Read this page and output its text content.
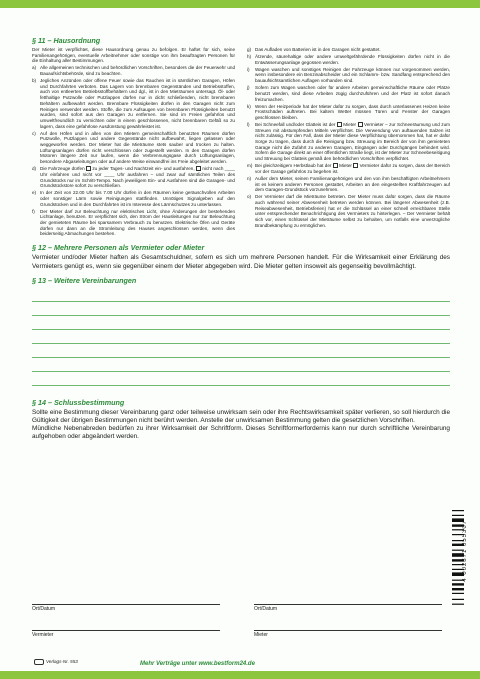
§ 11 – Hausordnung

Der Mieter ist verpflichtet, diese Hausordnung genau zu befolgen. Er haftet für sich, seine Familienangehörigen, eventuelle Arbeitnehmer oder sonstige von ihm beauftragten Personen für die Einhaltung aller Bestimmungen.

a) Alle allgemeinen technischen und behördlichen Vorschriften, besonders die der Feuerwehr und Bauaufsichtsbehörde, sind zu beachten.
b) Jegliches Anzünden oder offene Feuer sowie das Rauchen ist in sämtlichen Garagen, Höfen und Durchfahrten verboten. Das Lagern von brennbaren Gegenständen und Betriebsstoffen, auch von entleerten Betriebsstoffbehältern und dgl., ist in den Mieträumen untersagt. Öl- oder fetthaltige Putzwolle oder Putzlappen dürfen nur in dicht schließenden, nicht brennbaren Behältern aufbewahrt werden. Brennbare Flüssigkeiten dürfen in den Garagen nicht zum Reinigen verwendet werden. Stoffe, die zum Aufsaugen von brennbaren Flüssigkeiten benutzt wurden, sind sofort aus den Garagen zu entfernen. Sie sind im Freien gefahrlos und umweltfreundlich zu vernichten oder in einem geschlossenen, nicht brennbaren Gefäß so zu lagern, dass eine gefahrlose Ausdünstung gewährleistet ist.
c) Auf den Höfen und in allen von den Mietern gemeinschaftlich benutzten Räumen dürfen Putzwolle, Putzlappen und andere Gegenstände nicht aufbewahrt, liegen gelassen oder weggeworfen werden. Der Mieter hat die Mieträume stets sauber und trocken zu halten. Lüftungsanlagen dürfen nicht verschlossen oder zugestellt werden. In den Garagen dürfen Motoren längere Zeit nur laufen, wenn die Verbrennungsgase durch Lüftungsanlagen, besondere Abgaseleitungen oder auf andere Weise einwandfrei ins Freie abgeleitet werden.
d) Die Fahrzeuge dürfen  zu jeder Tages- und Nachtzeit ein- und ausfahren,  nicht nach ____ Uhr einfahren und nicht vor ____ Uhr ausfahren – und zwar auf sämtlichen Teilen des Grundstücks nur im Schritt-Tempo. Nach jeweiligem Ein- und Ausfahren sind die Garagen- und Grundstückstore sofort zu verschließen.
e) In der Zeit von 22.00 Uhr bis 7.00 Uhr dürfen in den Räumen keine geräuschvollen Arbeiten oder sonstiger Lärm sowie Reinigungen stattfinden. Unnötiges Signalgeben auf den Grundstücken und in den Durchfahrten ist im Interesse des Lärmschutzes zu unterlassen.
f)	Der Mieter darf zur Beleuchtung nur elektrisches Licht, ohne Änderungen der bestehenden Lichtanlage, benutzen. Er verpflichtet sich, den Strom der Hausleitungen nur zur Beleuchtung der gemieteten Räume bei sparsamem Verbrauch zu benutzen. Elektrische Öfen und Geräte dürfen nur dann an die Stromleitung des Hauses angeschlossen werden, wenn dies beiderseitig Abmachungen bestehen.
g) Das Aufladen von Batterien ist in den Garagen nicht gestattet.
h) Ätzende, säurehaltige oder andere umweltgefährdende Flüssigkeiten dürfen nicht in die Entwässerungsanlage gegossen werden.
i)	Wagen waschen und sonstiges Reinigen der Fahrzeuge können nur vorgenommen werden, wenn insbesondere ein Benzinabscheider und ein Schlamm- bzw. Sandfang entsprechend den bauaufsichtsamtlichen Auflagen vorhanden sind.
j)	Sofern zum Wagen waschen oder für andere Arbeiten gemeinschaftliche Räume oder Plätze benutzt werden, sind diese Arbeiten zügig durchzuführen und der Platz ist sofort danach freizumachen.
k) Wenn der Heizperiode hat der Mieter dafür zu sorgen, dass durch unterlassenes Heizen keine Frostschäden auftreten. Bei kaltem Wetter müssen Türen und Fenster der Garagen geschlossen bleiben.
l)	Bei Schneefall und/oder Glatteis ist der  Mieter  Vermieter – zur Schneeräumung und zum Streuen mit abstumpfenden Mitteln verpflichtet. Die Verwendung von auftauenden Salzen ist nicht zulässig. Für den Fall, dass der Mieter diese Verpflichtung übernommen hat, hat er dafür Sorge zu tragen, dass durch die Reinigung bzw. Streuung im Bereich der von ihm gemieteten Garage nicht die Zufahrt zu anderen Garagen, Eingängen oder Durchgängen behindert wird. Sofern die Garage direkt an einer öffentlichen Straße liegt, ist der Mieter zur Schneebeseitigung und Streuung bei Glatteis gemäß den behördlichen Vorschriften verpflichtet.
m) Bei gleichzeitigem Herbstlaub hat der  Mieter  Vermieter dafür zu sorgen, dass der Bereich vor der Garage gefahrlos zu begehen ist.
n) Außer dem Mieter, seinen Familienangehörigen und den von ihm beschäftigten Arbeitnehmern ist es keinem anderen Personen gestattet, Arbeiten an den eingestellten Kraftfahrzeugen auf dem Garagen-Grundstück vorzunehmen.
o) Der Vermieter darf die Mieträume betreten. Der Mieter muss dafür sorgen, dass die Räume auch während seiner Abwesenheit betreten werden können. Bei längerer Abwesenheit (z.B. Reiseabwesenheit, Betriebsferien) hat er die Schlüssel an einer schnell erreichbaren Stelle unter entsprechender Benachrichtigung des Vermieters zu hinterlegen. – Der Vermieter behält sich vor, einen Schlüssel der Mieträume selbst zu behalten, um notfalls eine unverzügliche Brandbekämpfung zu ermöglichen.
§ 12 – Mehrere Personen als Vermieter oder Mieter
Vermieter und/oder Mieter haften als Gesamtschuldner, sofern es sich um mehrere Personen handelt. Für die Wirksamkeit einer Erklärung des Vermieters genügt es, wenn sie gegenüber einem der Mieter abgegeben wird. Die Mieter gelten insoweit als gegenseitig bevollmächtigt.
§ 13 – Weitere Vereinbarungen
§ 14 – Schlussbestimmung
Sollte eine Bestimmung dieser Vereinbarung ganz oder teilweise unwirksam sein oder ihre Rechtswirksamkeit später verlieren, so soll hierdurch die Gültigkeit der übrigen Bestimmungen nicht berührt werden. Anstelle der unwirksamen Bestimmung gelten die gesetzlichen Vorschriften.
Mündliche Nebenabreden bedürfen zu ihrer Wirksamkeit der Schriftform. Dieses Schriftformerfordernis kann nur durch schriftliche Vereinbarung aufgehoben oder abgeändert werden.
Ort/Datum	Ort/Datum
Vermieter	Mieter
Verlags-Nr. 553	Mehr Verträge unter www.bestform24.de
4 002871 055307
